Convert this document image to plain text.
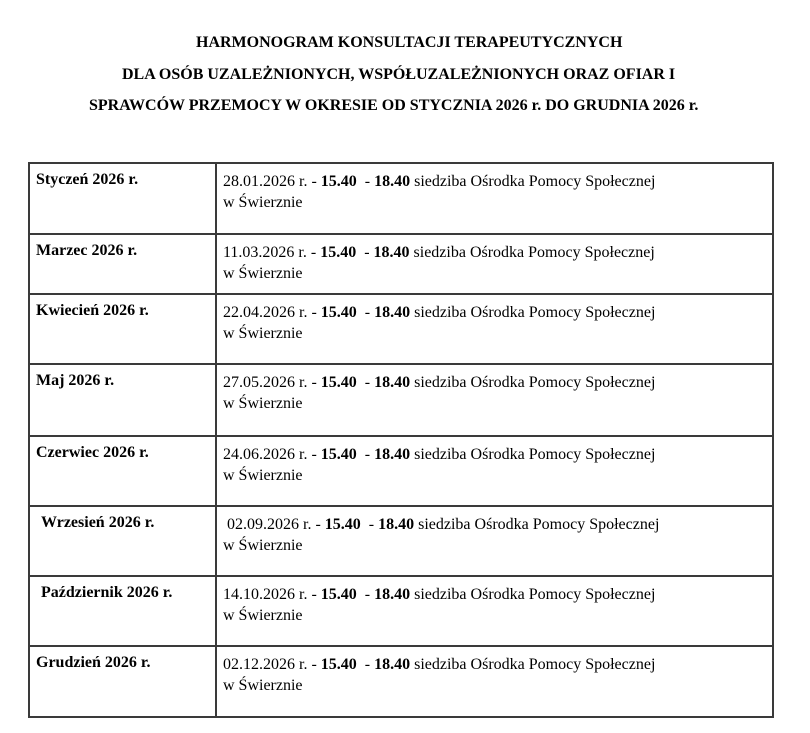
HARMONOGRAM KONSULTACJI TERAPEUTYCZNYCH
DLA OSÓB UZALEŻNIONYCH, WSPÓŁUZALEŻNIONYCH ORAZ OFIAR I
SPRAWCÓW PRZEMOCY W OKRESIE OD STYCZNIA 2026 r. DO GRUDNIA 2026 r.
Styczeń 2026 r.	28.01.2026 r. - 15.40  - 18.40 siedziba Ośrodka Pomocy Społecznej
w Świerznie

Marzec 2026 r.	11.03.2026 r. - 15.40  - 18.40 siedziba Ośrodka Pomocy Społecznej
w Świerznie

Kwiecień 2026 r.	22.04.2026 r. - 15.40  - 18.40 siedziba Ośrodka Pomocy Społecznej
w Świerznie

Maj 2026 r.	27.05.2026 r. - 15.40  - 18.40 siedziba Ośrodka Pomocy Społecznej
w Świerznie

Czerwiec 2026 r.	24.06.2026 r. - 15.40  - 18.40 siedziba Ośrodka Pomocy Społecznej
w Świerznie

Wrzesień 2026 r.	02.09.2026 r. - 15.40  - 18.40 siedziba Ośrodka Pomocy Społecznej
w Świerznie

Październik 2026 r.	14.10.2026 r. - 15.40  - 18.40 siedziba Ośrodka Pomocy Społecznej
w Świerznie

Grudzień 2026 r.	02.12.2026 r. - 15.40  - 18.40 siedziba Ośrodka Pomocy Społecznej
w Świerznie
